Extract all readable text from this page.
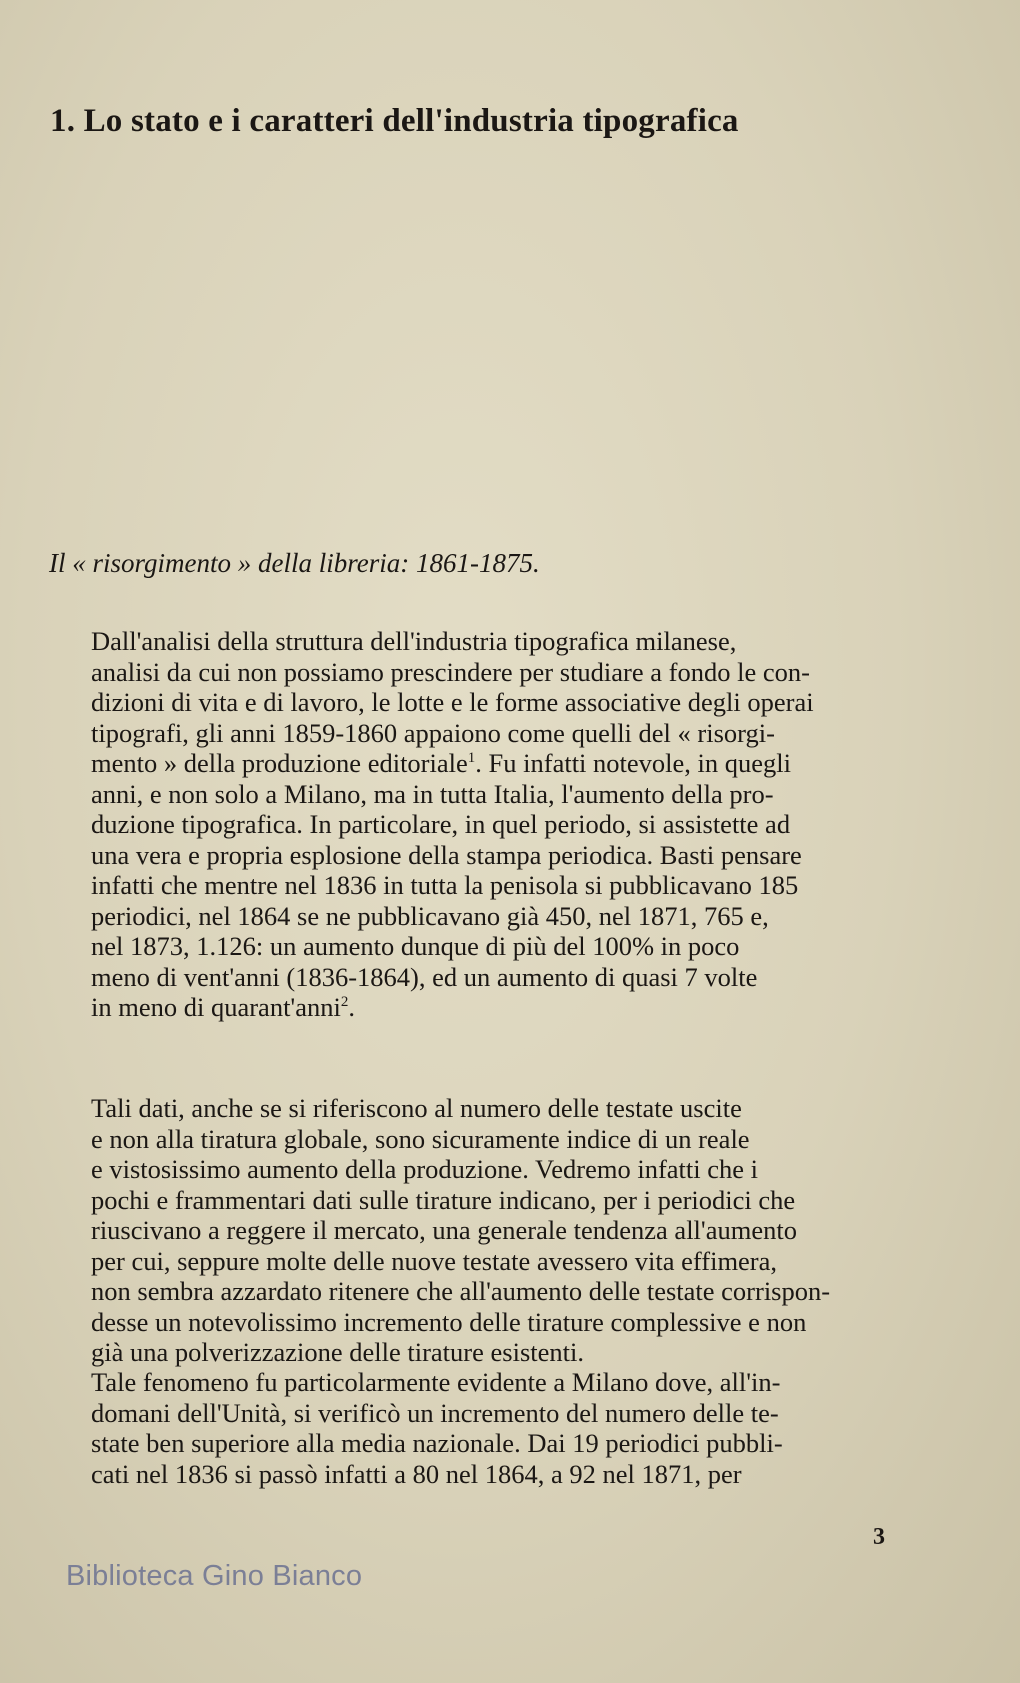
1. Lo stato e i caratteri dell'industria tipografica
Il « risorgimento » della libreria: 1861-1875.

Dall'analisi della struttura dell'industria tipografica milanese,
analisi da cui non possiamo prescindere per studiare a fondo le con-
dizioni di vita e di lavoro, le lotte e le forme associative degli operai
tipografi, gli anni 1859-1860 appaiono come quelli del « risorgi-
mento » della produzione editoriale$^1$. Fu infatti notevole, in quegli
anni, e non solo a Milano, ma in tutta Italia, l'aumento della pro-
duzione tipografica. In particolare, in quel periodo, si assistette ad
una vera e propria esplosione della stampa periodica. Basti pensare
infatti che mentre nel 1836 in tutta la penisola si pubblicavano 185
periodici, nel 1864 se ne pubblicavano già 450, nel 1871, 765 e,
nel 1873, 1.126: un aumento dunque di più del 100% in poco
meno di vent'anni (1836-1864), ed un aumento di quasi 7 volte
in meno di quarant'anni$^2$.

Tali dati, anche se si riferiscono al numero delle testate uscite
e non alla tiratura globale, sono sicuramente indice di un reale
e vistosissimo aumento della produzione. Vedremo infatti che i
pochi e frammentari dati sulle tirature indicano, per i periodici che
riuscivano a reggere il mercato, una generale tendenza all'aumento
per cui, seppure molte delle nuove testate avessero vita effimera,
non sembra azzardato ritenere che all'aumento delle testate corrispon-
desse un notevolissimo incremento delle tirature complessive e non
già una polverizzazione delle tirature esistenti.

Tale fenomeno fu particolarmente evidente a Milano dove, all'in-
domani dell'Unità, si verificò un incremento del numero delle te-
state ben superiore alla media nazionale. Dai 19 periodici pubbli-
cati nel 1836 si passò infatti a 80 nel 1864, a 92 nel 1871, per

3
Biblioteca Gino Bianco
